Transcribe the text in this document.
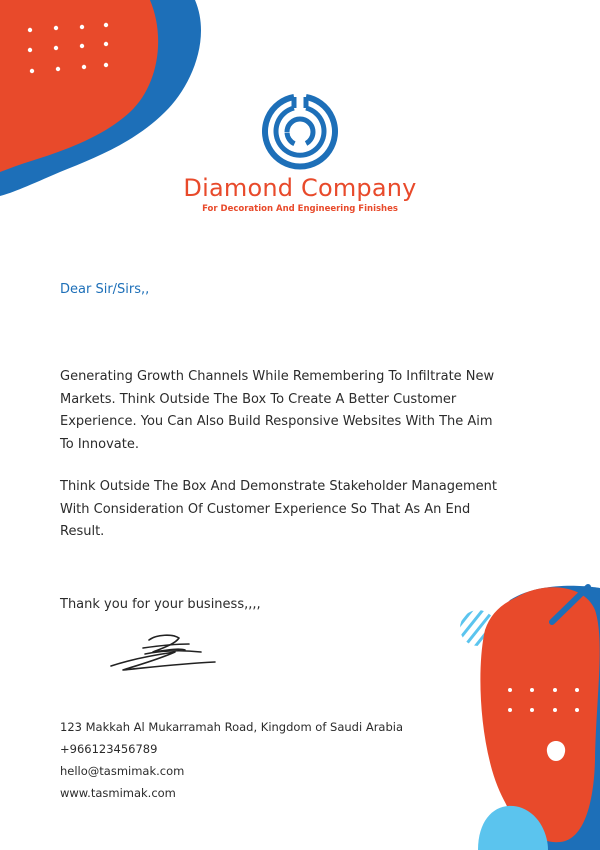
Diamond Company
For Decoration And Engineering Finishes
Dear Sir/Sirs,,
Generating Growth Channels While Remembering To Infiltrate New Markets. Think Outside The Box To Create A Better Customer Experience. You Can Also Build Responsive Websites With The Aim To Innovate.
Think Outside The Box And Demonstrate Stakeholder Management With Consideration Of Customer Experience So That As An End Result.
Thank you for your business,,,,
123 Makkah Al Mukarramah Road, Kingdom of Saudi Arabia
+966123456789
hello@tasmimak.com
www.tasmimak.com
